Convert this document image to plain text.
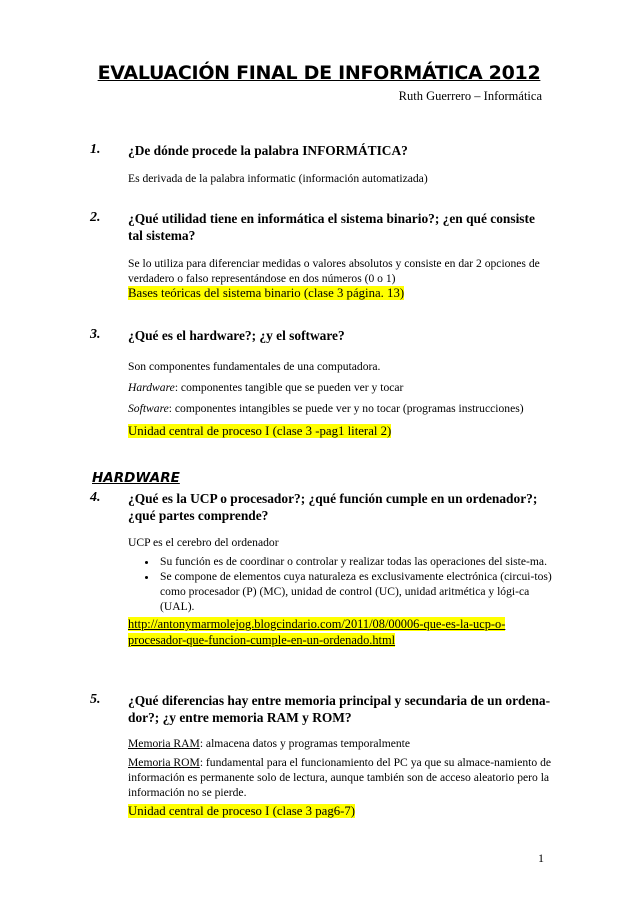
EVALUACIÓN FINAL DE INFORMÁTICA 2012
Ruth Guerrero – Informática
1. ¿De dónde procede la palabra INFORMÁTICA?

Es derivada de la palabra informatic (información automatizada)

2. ¿Qué utilidad tiene en informática el sistema binario?; ¿en qué consiste tal sistema?

Se lo utiliza para diferenciar medidas o valores absolutos y consiste en dar 2 opciones de verdadero o falso representándose en dos números (0 o 1)

Bases teóricas del sistema binario (clase 3 página. 13)
3. ¿Qué es el hardware?; ¿y el software?

Son componentes fundamentales de una computadora.

Hardware: componentes tangible que se pueden ver y tocar

Software: componentes intangibles se puede ver y no tocar (programas instrucciones)

Unidad central de proceso I (clase 3 -pag1 literal 2)

HARDWARE
4. ¿Qué es la UCP o procesador?; ¿qué función cumple en un ordenador?; ¿qué partes comprende?

UCP es el cerebro del ordenador

• Su función es de coordinar o controlar y realizar todas las operaciones del siste-ma.
• Se compone de elementos cuya naturaleza es exclusivamente electrónica (circui-tos) como procesador (P) (MC), unidad de control (UC), unidad aritmética y lógi-ca (UAL).
http://antonymarmolejog.blogcindario.com/2011/08/00006-que-es-la-ucp-o-procesador-que-funcion-cumple-en-un-ordenado.html
5. ¿Qué diferencias hay entre memoria principal y secundaria de un ordena-dor?; ¿y entre memoria RAM y ROM?

Memoria RAM: almacena datos y programas temporalmente

Memoria ROM: fundamental para el funcionamiento del PC ya que su almace-namiento de información es permanente solo de lectura, aunque también son de acceso aleatorio pero la información no se pierde.

Unidad central de proceso I (clase 3 pag6-7)
1
